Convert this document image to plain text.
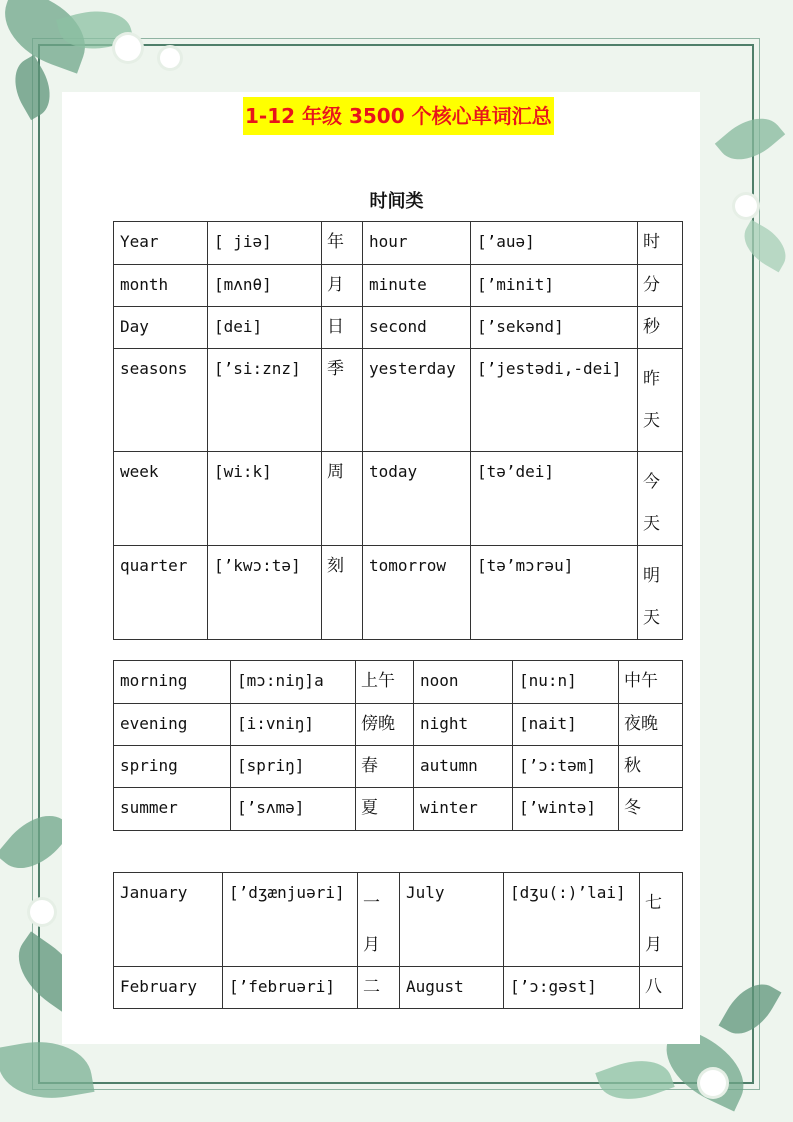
1-12 年级 3500 个核心单词汇总
时间类
Year	[ jiə]	年	hour	[’auə]	时
month	[mʌnθ]	月	minute	[’minit]	分
Day	[dei]	日	second	[’sekənd]	秒
seasons	[’si:znz]	季	yesterday	[’jestədi,-dei]	昨天

week	[wi:k]	周	today	[tə’dei]	今天

quarter	[’kwɔ:tə]	刻	tomorrow	[tə’mɔrəu]	明天
morning	[mɔ:niŋ]a	上午	noon	[nu:n]	中午
evening	[i:vniŋ]	傍晚	night	[nait]	夜晚
spring	[spriŋ]	春	autumn	[’ɔ:təm]	秋
summer	[’sʌmə]	夏	winter	[’wintə]	冬
January	[’dʒænjuəri]	一月	July	[dʒu(:)’lai]	七月

February	[’februəri]	二	August	[’ɔ:gəst]	八
